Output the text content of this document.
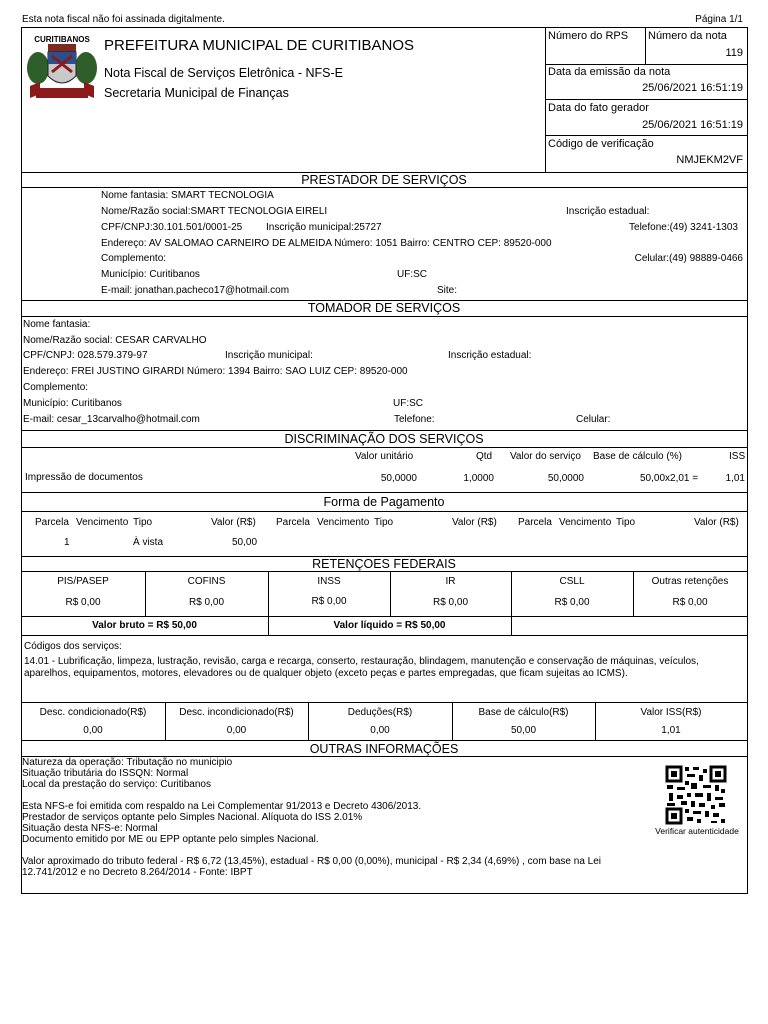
Esta nota fiscal não foi assinada digitalmente.	Página 1/1
CURITIBANOS PREFEITURA MUNICIPAL DE CURITIBANOS
Nota Fiscal de Serviços Eletrônica - NFS-E
Secretaria Municipal de Finanças
Número do RPS Número da nota
119
Data da emissão da nota
25/06/2021 16:51:19
Data do fato gerador
25/06/2021 16:51:19
Código de verificação
NMJEKM2VF
PRESTADOR DE SERVIÇOS
Nome fantasia: SMART TECNOLOGIA
Nome/Razão social:SMART TECNOLOGIA EIRELI	Inscrição estadual:
CPF/CNPJ:30.101.501/0001-25 Inscrição municipal:25727	Telefone:(49) 3241-1303
Endereço: AV SALOMAO CARNEIRO DE ALMEIDA Número: 1051 Bairro: CENTRO CEP: 89520-000
Complemento:	Celular:(49) 98889-0466
Município: Curitibanos	UF:SC
E-mail: jonathan.pacheco17@hotmail.com	Site:
TOMADOR DE SERVIÇOS
Nome fantasia:
Nome/Razão social: CESAR CARVALHO
CPF/CNPJ: 028.579.379-97	Inscrição municipal:	Inscrição estadual:
Endereço: FREI JUSTINO GIRARDI Número: 1394 Bairro: SAO LUIZ CEP: 89520-000
Complemento:
Município: Curitibanos	UF:SC
E-mail: cesar_13carvalho@hotmail.com	Telefone:	Celular:
DISCRIMINAÇÃO DOS SERVIÇOS
Valor unitário	Qtd Valor do serviço Base de cálculo (%)	ISS
Impressão de documentos	50,0000	1,0000	50,0000	50,00x2,01 =	1,01
Forma de Pagamento
Parcela Vencimento Tipo	Valor (R$) Parcela Vencimento Tipo	Valor (R$) Parcela Vencimento Tipo	Valor (R$)
1	À vista	50,00
RETENÇOES FEDERAIS
PIS/PASEP	COFINS	INSS	IR	CSLL	Outras retenções
R$ 0,00	R$ 0,00	R$ 0,00	R$ 0,00	R$ 0,00	R$ 0,00
Valor bruto = R$ 50,00	Valor líquido = R$ 50,00
Códigos dos serviços:
14.01 - Lubrificação, limpeza, lustração, revisão, carga e recarga, conserto, restauração, blindagem, manutenção e conservação de máquinas, veículos,
aparelhos, equipamentos, motores, elevadores ou de qualquer objeto (exceto peças e partes empregadas, que ficam sujeitas ao ICMS).
Desc. condicionado(R$)	Desc. incondicionado(R$)	Deduções(R$)	Base de cálculo(R$)	Valor ISS(R$)
0,00	0,00	0,00	50,00	1,01
OUTRAS INFORMAÇÕES
Natureza da operação: Tributação no municipio
Situação tributária do ISSQN: Normal
Local da prestação do serviço: Curitibanos
Esta NFS-e foi emitida com respaldo na Lei Complementar 91/2013 e Decreto 4306/2013.
Prestador de serviços optante pelo Simples Nacional. Alíquota do ISS 2.01%
Situação desta NFS-e: Normal
Documento emitido por ME ou EPP optante pelo simples Nacional.
Valor aproximado do tributo federal - R$ 6,72 (13,45%), estadual - R$ 0,00 (0,00%), municipal - R$ 2,34 (4,69%) , com base na Lei
12.741/2012 e no Decreto 8.264/2014 - Fonte: IBPT
Verificar autenticidade
